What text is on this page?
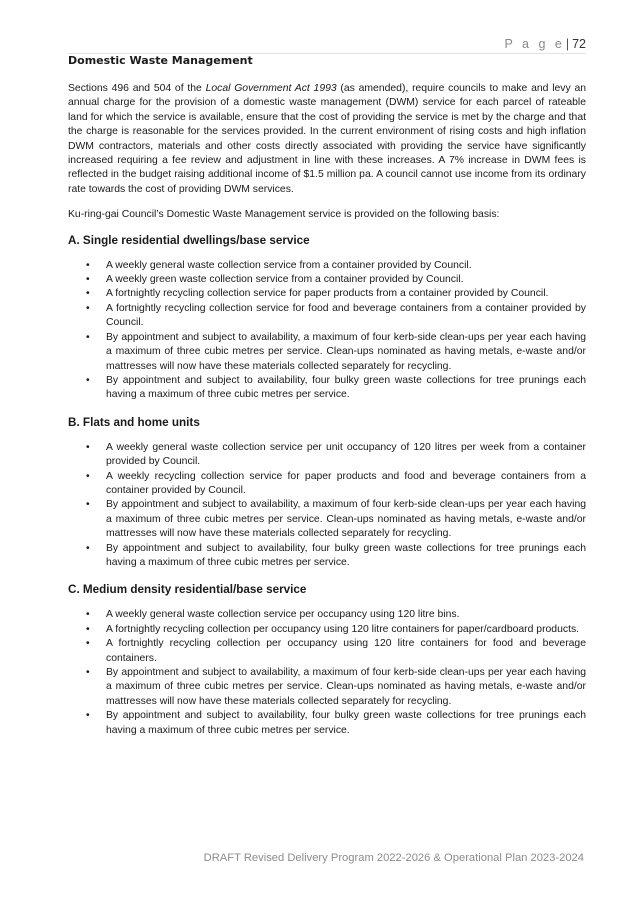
P a g e| 72
Domestic Waste Management

Sections 496 and 504 of the Local Government Act 1993 (as amended), require councils to make and levy an annual charge for the provision of a domestic waste management (DWM) service for each parcel of rateable land for which the service is available, ensure that the cost of providing the service is met by the charge and that the charge is reasonable for the services provided. In the current environment of rising costs and high inflation DWM contractors, materials and other costs directly associated with providing the service have significantly increased requiring a fee review and adjustment in line with these increases. A 7% increase in DWM fees is reflected in the budget raising additional income of $1.5 million pa. A council cannot use income from its ordinary rate towards the cost of providing DWM services.

Ku-ring-gai Council’s Domestic Waste Management service is provided on the following basis:

A. Single residential dwellings/base service
• A weekly general waste collection service from a container provided by Council.
• A weekly green waste collection service from a container provided by Council.
• A fortnightly recycling collection service for paper products from a container provided by Council.
• A fortnightly recycling collection service for food and beverage containers from a container provided by Council.
• By appointment and subject to availability, a maximum of four kerb-side clean-ups per year each having a maximum of three cubic metres per service. Clean-ups nominated as having metals, e-waste and/or mattresses will now have these materials collected separately for recycling.
• By appointment and subject to availability, four bulky green waste collections for tree prunings each having a maximum of three cubic metres per service.
B. Flats and home units
• A weekly general waste collection service per unit occupancy of 120 litres per week from a container provided by Council.
• A weekly recycling collection service for paper products and food and beverage containers from a container provided by Council.
• By appointment and subject to availability, a maximum of four kerb-side clean-ups per year each having a maximum of three cubic metres per service. Clean-ups nominated as having metals, e-waste and/or mattresses will now have these materials collected separately for recycling.
• By appointment and subject to availability, four bulky green waste collections for tree prunings each having a maximum of three cubic metres per service.
C. Medium density residential/base service
• A weekly general waste collection service per occupancy using 120 litre bins.
• A fortnightly recycling collection per occupancy using 120 litre containers for paper/cardboard products.
• A fortnightly recycling collection per occupancy using 120 litre containers for food and beverage containers.
• By appointment and subject to availability, a maximum of four kerb-side clean-ups per year each having a maximum of three cubic metres per service. Clean-ups nominated as having metals, e-waste and/or mattresses will now have these materials collected separately for recycling.
• By appointment and subject to availability, four bulky green waste collections for tree prunings each having a maximum of three cubic metres per service.
DRAFT Revised Delivery Program 2022-2026 & Operational Plan 2023-2024
